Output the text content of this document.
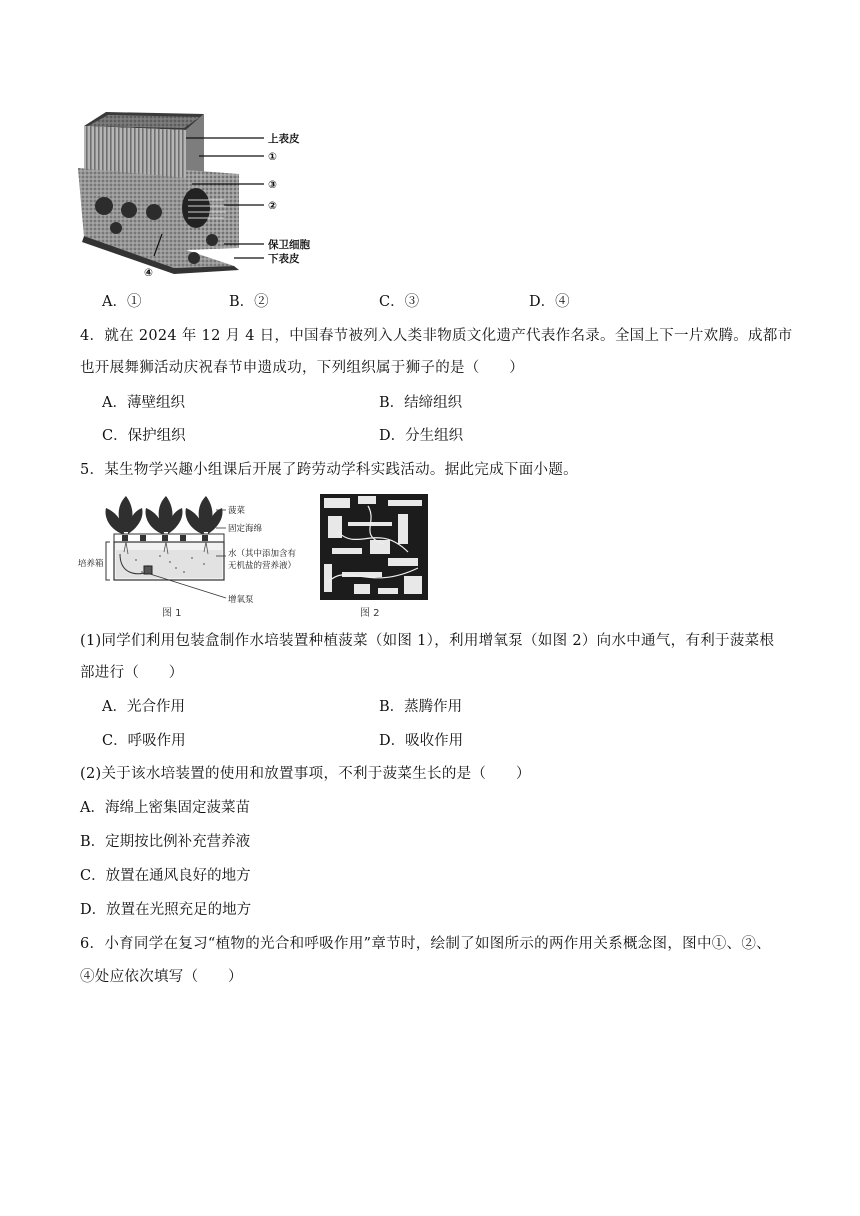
上表皮
①
③
②
保卫细胞
下表皮
④
A．①	B．②	C．③	D．④
4．就在 2024 年 12 月 4 日，中国春节被列入人类非物质文化遗产代表作名录。全国上下一片欢腾。成都市
也开展舞狮活动庆祝春节申遗成功，下列组织属于狮子的是（　　）
A．薄壁组织	B．结缔组织
C．保护组织	D．分生组织
5．某生物学兴趣小组课后开展了跨劳动学科实践活动。据此完成下面小题。
菠菜
固定海绵
水（其中添加含有
无机盐的营养液）
培养箱
增氧泵
图 1	图 2
(1)同学们利用包装盒制作水培装置种植菠菜（如图 1），利用增氧泵（如图 2）向水中通气，有利于菠菜根
部进行（　　）
A．光合作用	B．蒸腾作用
C．呼吸作用	D．吸收作用
(2)关于该水培装置的使用和放置事项，不利于菠菜生长的是（　　）
A．海绵上密集固定菠菜苗
B．定期按比例补充营养液
C．放置在通风良好的地方
D．放置在光照充足的地方
6．小育同学在复习“植物的光合和呼吸作用”章节时，绘制了如图所示的两作用关系概念图，图中①、②、
④处应依次填写（　　）
